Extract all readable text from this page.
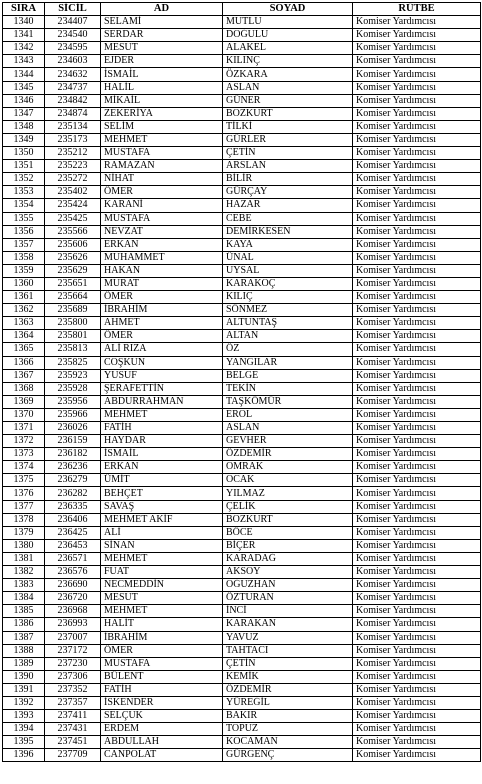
SIRA	SİCİL	AD	SOYAD	RÜTBE
1340	234407	SELAMİ	MUTLU	Komiser Yardımcısı
1341	234540	SERDAR	DOĞULU	Komiser Yardımcısı
1342	234595	MESUT	ALAKEL	Komiser Yardımcısı
1343	234603	EJDER	KILINÇ	Komiser Yardımcısı
1344	234632	İSMAİL	ÖZKARA	Komiser Yardımcısı
1345	234737	HALİL	ASLAN	Komiser Yardımcısı
1346	234842	MİKAİL	GÜNER	Komiser Yardımcısı
1347	234874	ZEKERİYA	BOZKURT	Komiser Yardımcısı
1348	235134	SELİM	TİLKİ	Komiser Yardımcısı
1349	235173	MEHMET	GÜRLER	Komiser Yardımcısı
1350	235212	MUSTAFA	ÇETİN	Komiser Yardımcısı
1351	235223	RAMAZAN	ARSLAN	Komiser Yardımcısı
1352	235272	NİHAT	BİLİR	Komiser Yardımcısı
1353	235402	ÖMER	GÜRÇAY	Komiser Yardımcısı
1354	235424	KARANİ	HAZAR	Komiser Yardımcısı
1355	235425	MUSTAFA	CEBE	Komiser Yardımcısı
1356	235566	NEVZAT	DEMİRKESEN	Komiser Yardımcısı
1357	235606	ERKAN	KAYA	Komiser Yardımcısı
1358	235626	MUHAMMET	ÜNAL	Komiser Yardımcısı
1359	235629	HAKAN	UYSAL	Komiser Yardımcısı
1360	235651	MURAT	KARAKOÇ	Komiser Yardımcısı
1361	235664	ÖMER	KILIÇ	Komiser Yardımcısı
1362	235689	İBRAHİM	SÖNMEZ	Komiser Yardımcısı
1363	235800	AHMET	ALTUNTAŞ	Komiser Yardımcısı
1364	235801	ÖMER	ALTAN	Komiser Yardımcısı
1365	235813	ALİ RIZA	ÖZ	Komiser Yardımcısı
1366	235825	COŞKUN	YANGILAR	Komiser Yardımcısı
1367	235923	YUSUF	BELGE	Komiser Yardımcısı
1368	235928	ŞERAFETTİN	TEKİN	Komiser Yardımcısı
1369	235956	ABDURRAHMAN	TAŞKÖMÜR	Komiser Yardımcısı
1370	235966	MEHMET	EROL	Komiser Yardımcısı
1371	236026	FATİH	ASLAN	Komiser Yardımcısı
1372	236159	HAYDAR	GEVHER	Komiser Yardımcısı
1373	236182	İSMAİL	ÖZDEMİR	Komiser Yardımcısı
1374	236236	ERKAN	OMRAK	Komiser Yardımcısı
1375	236279	ÜMİT	OCAK	Komiser Yardımcısı
1376	236282	BEHÇET	YILMAZ	Komiser Yardımcısı
1377	236335	SAVAŞ	ÇELİK	Komiser Yardımcısı
1378	236406	MEHMET AKİF	BOZKURT	Komiser Yardımcısı
1379	236425	ALİ	BÖCE	Komiser Yardımcısı
1380	236453	SİNAN	BİÇER	Komiser Yardımcısı
1381	236571	MEHMET	KARADAĞ	Komiser Yardımcısı
1382	236576	FUAT	AKSOY	Komiser Yardımcısı
1383	236690	NECMEDDİN	OĞUZHAN	Komiser Yardımcısı
1384	236720	MESUT	ÖZTURAN	Komiser Yardımcısı
1385	236968	MEHMET	İNCİ	Komiser Yardımcısı
1386	236993	HALİT	KARAKAN	Komiser Yardımcısı
1387	237007	İBRAHİM	YAVUZ	Komiser Yardımcısı
1388	237172	ÖMER	TAHTACI	Komiser Yardımcısı
1389	237230	MUSTAFA	ÇETİN	Komiser Yardımcısı
1390	237306	BÜLENT	KEMİK	Komiser Yardımcısı
1391	237352	FATİH	ÖZDEMİR	Komiser Yardımcısı
1392	237357	İSKENDER	YÜREĞİL	Komiser Yardımcısı
1393	237411	SELÇUK	BAKIR	Komiser Yardımcısı
1394	237431	ERDEM	TOPUZ	Komiser Yardımcısı
1395	237451	ABDULLAH	KOCAMAN	Komiser Yardımcısı
1396	237709	CANPOLAT	GÜRGENÇ	Komiser Yardımcısı
